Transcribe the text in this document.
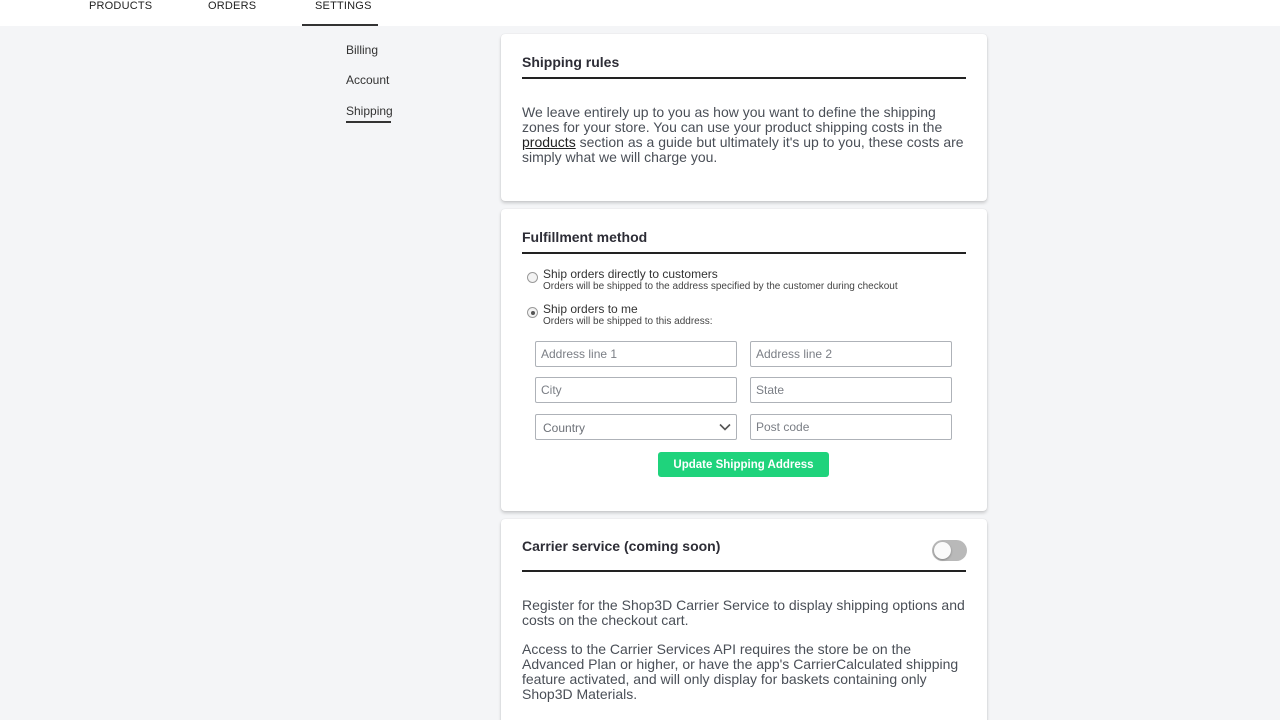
PRODUCTS	ORDERS	SETTINGS
Billing
Account
Shipping
Shipping rules
We leave entirely up to you as how you want to define the shipping zones for your store. You can use your product shipping costs in the products section as a guide but ultimately it's up to you, these costs are simply what we will charge you.
Fulfillment method
Ship orders directly to customers
Orders will be shipped to the address specified by the customer during checkout
Ship orders to me
Orders will be shipped to this address:
Address line 1
Address line 2
City
State
Country
Post code
Update Shipping Address
Carrier service (coming soon)
Register for the Shop3D Carrier Service to display shipping options and costs on the checkout cart.
Access to the Carrier Services API requires the store be on the Advanced Plan or higher, or have the app's CarrierCalculated shipping feature activated, and will only display for baskets containing only Shop3D Materials.
